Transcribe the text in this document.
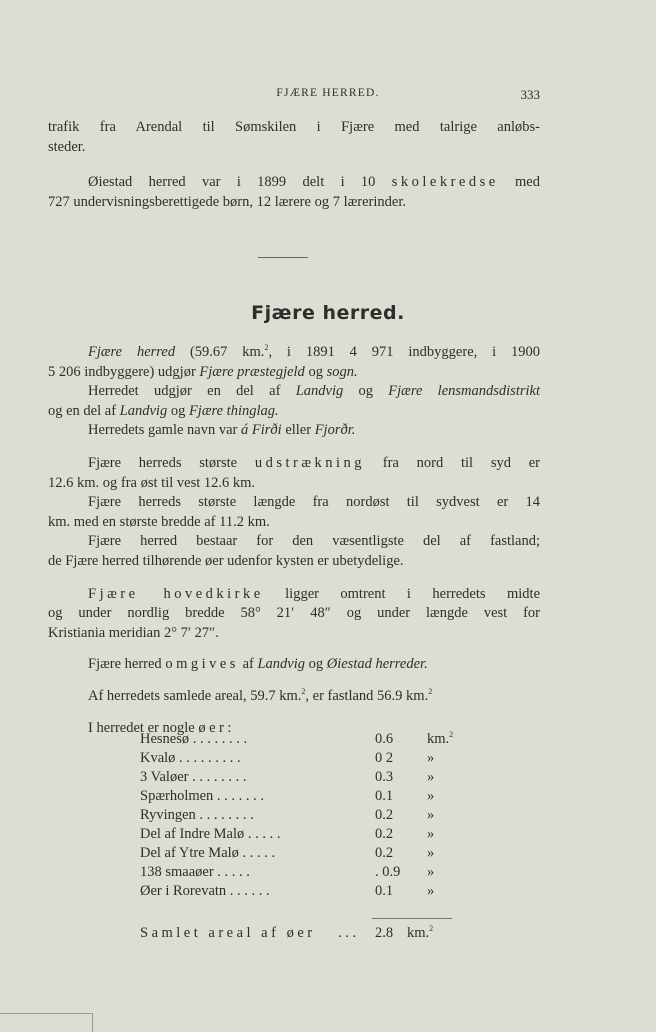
FJÆRE HERRED.	333

trafik fra Arendal til Sømskilen i Fjære med talrige anløbs-

steder.

Øiestad herred var i 1899 delt i 10 skolekredse med

727 undervisningsberettigede børn, 12 lærere og 7 lærerinder.

Fjære herred.

Fjære herred (59.67 km.$^2$, i 1891 4 971 indbyggere, i 1900

5 206 indbyggere) udgjør Fjære præstegjeld og sogn.

Herredet udgjør en del af Landvig og Fjære lensmandsdistrikt

og en del af Landvig og Fjære thinglag.

Herredets gamle navn var á Firði eller Fjorðr.

Fjære herreds største udstrækning fra nord til syd er

12.6 km. og fra øst til vest 12.6 km.

Fjære herreds største længde fra nordøst til sydvest er 14

km. med en største bredde af 11.2 km.

Fjære herred bestaar for den væsentligste del af fastland;

de Fjære herred tilhørende øer udenfor kysten er ubetydelige.

Fjære hovedkirke ligger omtrent i herredets midte

og under nordlig bredde 58° 21′ 48″ og under længde vest for

Kristiania meridian 2° 7′ 27″.

Fjære herred omgives af Landvig og Øiestad herreder.

Af herredets samlede areal, 59.7 km.$^2$, er fastland 56.9 km.$^2$

I herredet er nogle øer:

Hesnesø . . . . . . . .	0.6	km.$^2$
Kvalø . . . . . . . . .	0 2	»
3 Valøer . . . . . . . .	0.3	»
Spærholmen . . . . . . .	0.1	»
Ryvingen . . . . . . . .	0.2	»
Del af Indre Malø . . . . .	0.2	»
Del af Ytre Malø . . . . .	0.2	»
138 smaaøer . . . . .	. 0.9	»
Øer i Rorevatn . . . . . .	0.1	»
Samlet areal af øer . . . 2.8 km.$^2$
